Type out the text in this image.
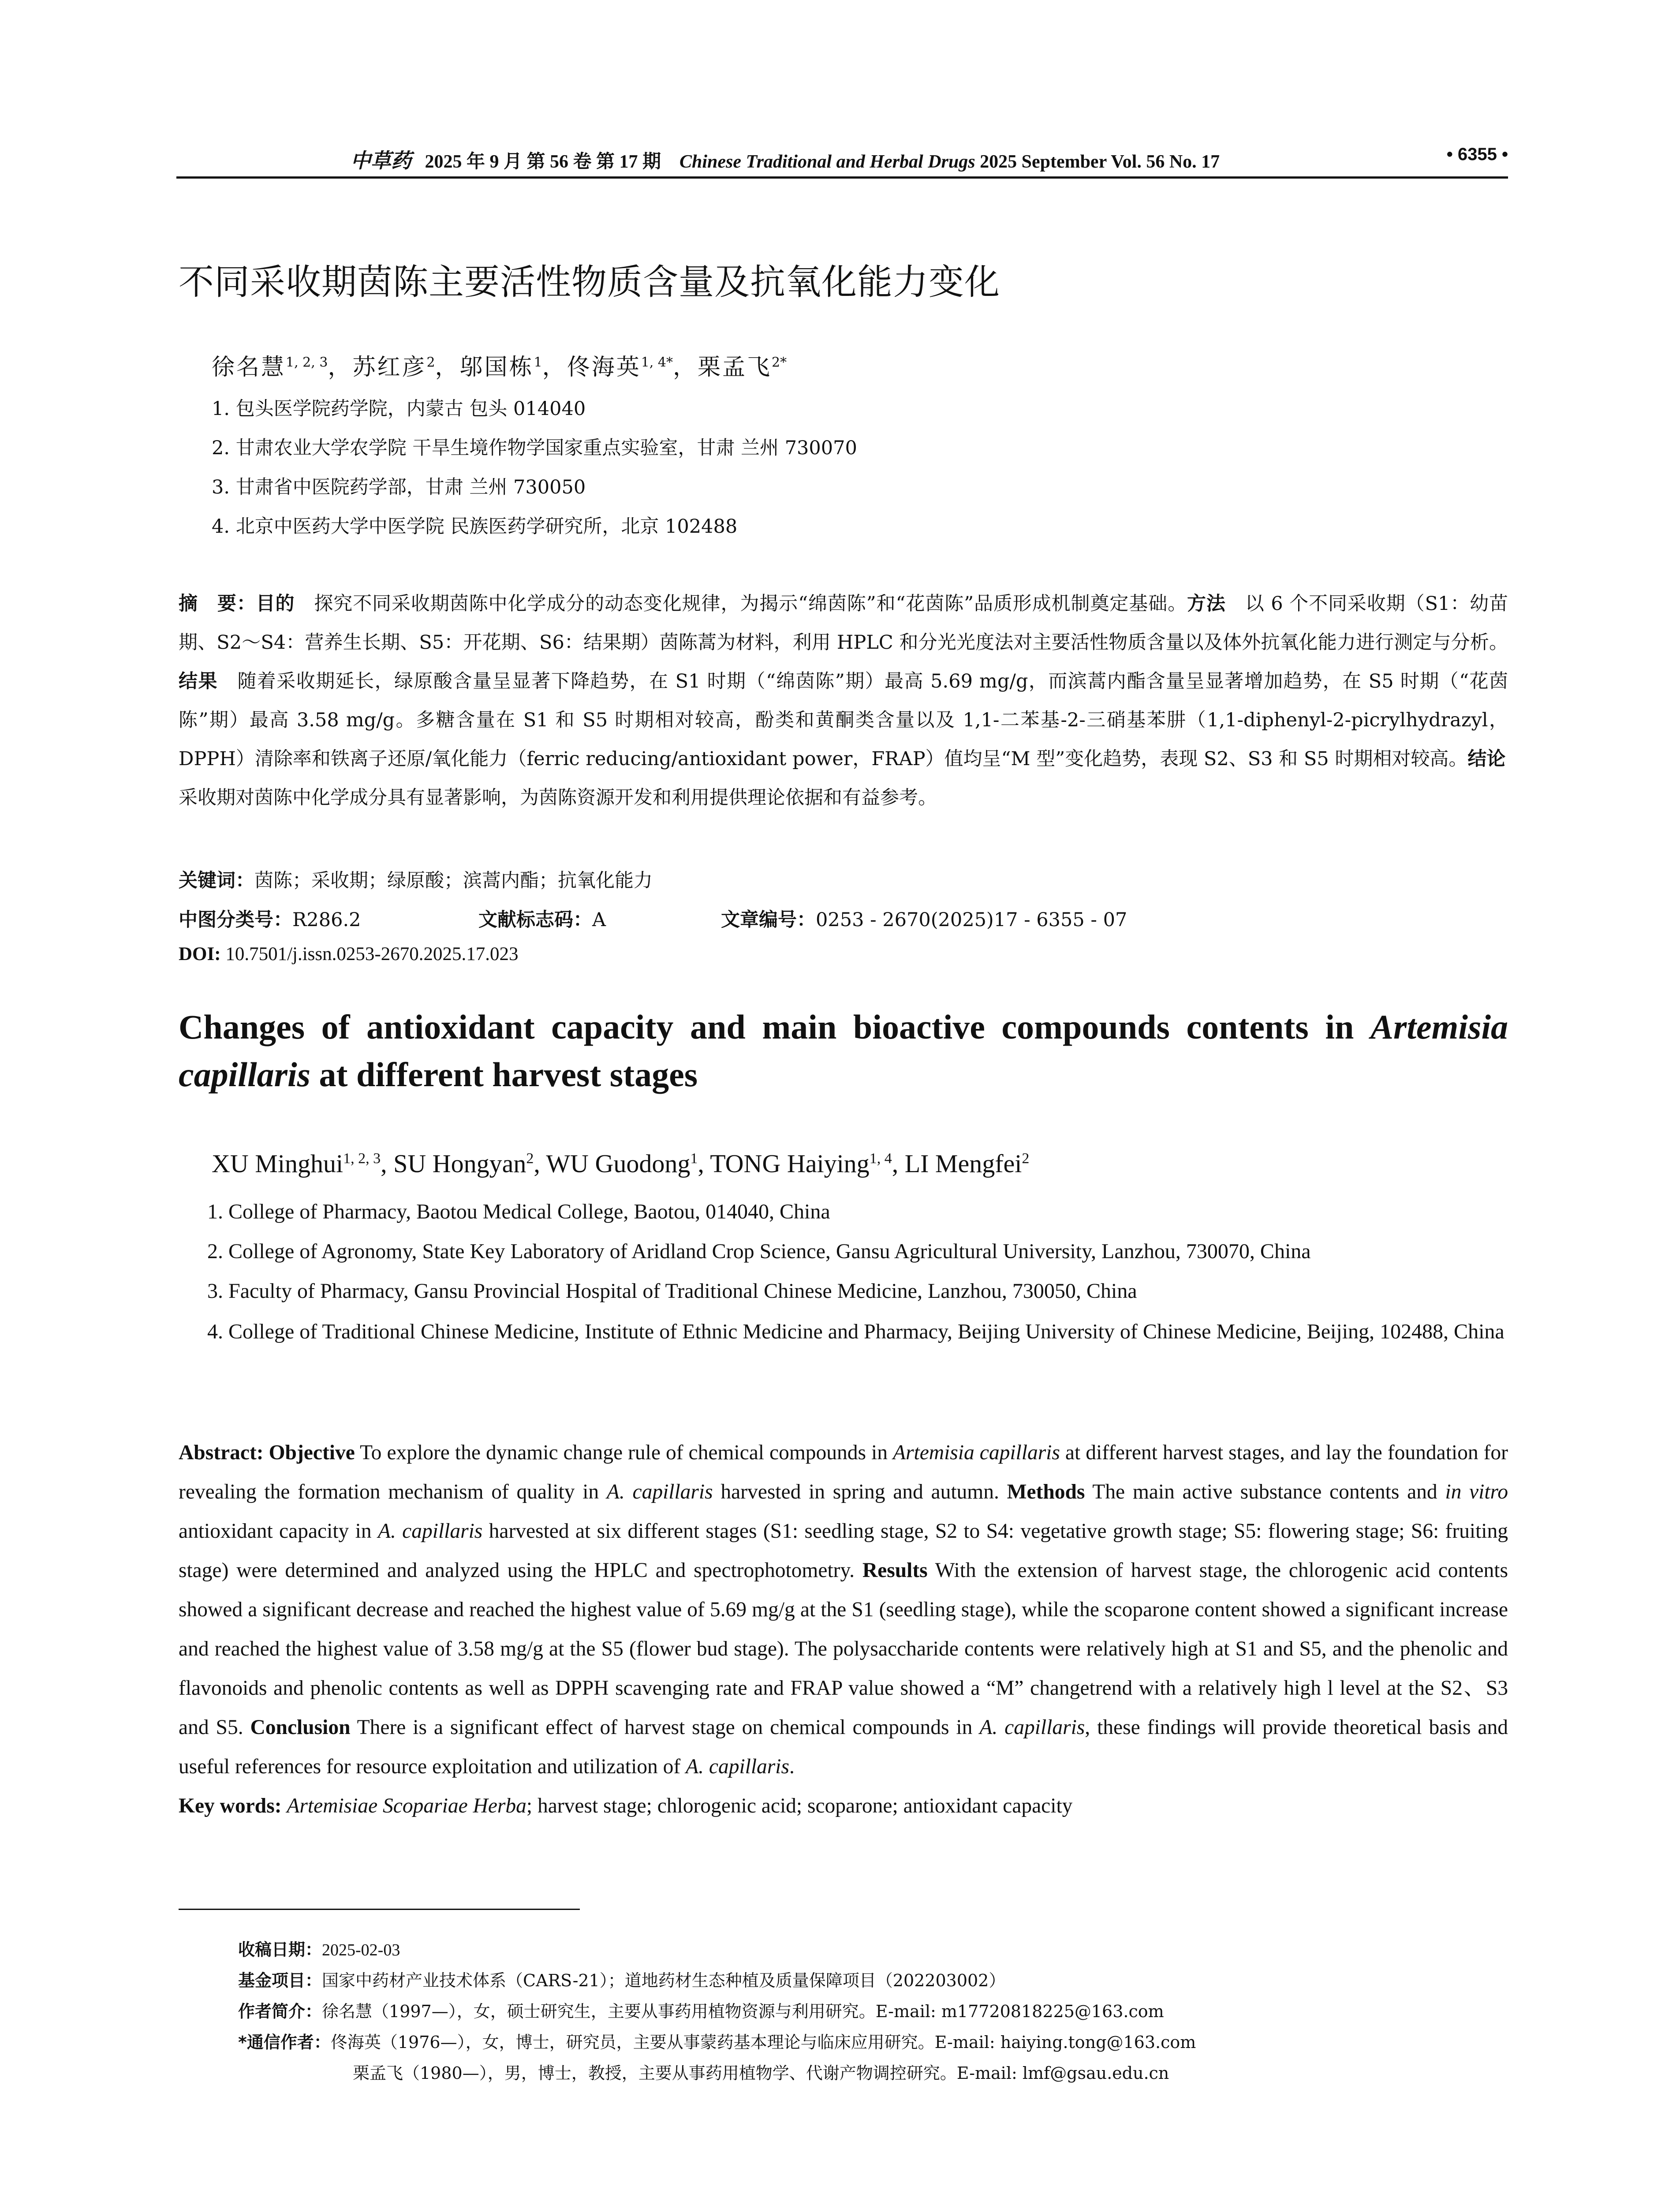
中草药 2025 年 9 月 第 56 卷 第 17 期 Chinese Traditional and Herbal Drugs 2025 September Vol. 56 No. 17	• 6355 •
不同采收期茵陈主要活性物质含量及抗氧化能力变化
徐名慧$^{1, 2, 3}$，苏红彦$^2$，邬国栋$^1$，佟海英$^{1, 4*}$，栗孟飞$^{2*}$
1. 包头医学院药学院，内蒙古 包头 014040
2. 甘肃农业大学农学院 干旱生境作物学国家重点实验室，甘肃 兰州 730070
3. 甘肃省中医院药学部，甘肃 兰州 730050
4. 北京中医药大学中医学院 民族医药学研究所，北京 102488
摘　要：目的　探究不同采收期茵陈中化学成分的动态变化规律，为揭示“绵茵陈”和“花茵陈”品质形成机制奠定基础。方法　以 6 个不同采收期（S1：幼苗期、S2～S4：营养生长期、S5：开花期、S6：结果期）茵陈蒿为材料，利用 HPLC 和分光光度法对主要活性物质含量以及体外抗氧化能力进行测定与分析。结果　随着采收期延长，绿原酸含量呈显著下降趋势，在 S1 时期（“绵茵陈”期）最高 5.69 mg/g，而滨蒿内酯含量呈显著增加趋势，在 S5 时期（“花茵陈”期）最高 3.58 mg/g。多糖含量在 S1 和 S5 时期相对较高，酚类和黄酮类含量以及 1,1-二苯基-2-三硝基苯肼（1,1-diphenyl-2-picrylhydrazyl，DPPH）清除率和铁离子还原/氧化能力（ferric reducing/antioxidant power，FRAP）值均呈“M 型”变化趋势，表现 S2、S3 和 S5 时期相对较高。结论　采收期对茵陈中化学成分具有显著影响，为茵陈资源开发和利用提供理论依据和有益参考。
关键词：茵陈；采收期；绿原酸；滨蒿内酯；抗氧化能力
中图分类号：R286.2	文献标志码：A	文章编号：0253 - 2670(2025)17 - 6355 - 07
DOI: 10.7501/j.issn.0253-2670.2025.17.023
Changes of antioxidant capacity and main bioactive compounds contents in Artemisia capillaris at different harvest stages
XU Minghui$^{1, 2, 3}$, SU Hongyan$^2$, WU Guodong$^1$, TONG Haiying$^{1, 4}$, LI Mengfei$^2$
1. College of Pharmacy, Baotou Medical College, Baotou, 014040, China
2. College of Agronomy, State Key Laboratory of Aridland Crop Science, Gansu Agricultural University, Lanzhou, 730070, China
3. Faculty of Pharmacy, Gansu Provincial Hospital of Traditional Chinese Medicine, Lanzhou, 730050, China
4. College of Traditional Chinese Medicine, Institute of Ethnic Medicine and Pharmacy, Beijing University of Chinese Medicine, Beijing, 102488, China
Abstract: Objective To explore the dynamic change rule of chemical compounds in Artemisia capillaris at different harvest stages, and lay the foundation for revealing the formation mechanism of quality in A. capillaris harvested in spring and autumn. Methods The main active substance contents and in vitro antioxidant capacity in A. capillaris harvested at six different stages (S1: seedling stage, S2 to S4: vegetative growth stage; S5: flowering stage; S6: fruiting stage) were determined and analyzed using the HPLC and spectrophotometry. Results With the extension of harvest stage, the chlorogenic acid contents showed a significant decrease and reached the highest value of 5.69 mg/g at the S1 (seedling stage), while the scoparone content showed a significant increase and reached the highest value of 3.58 mg/g at the S5 (flower bud stage). The polysaccharide contents were relatively high at S1 and S5, and the phenolic and flavonoids and phenolic contents as well as DPPH scavenging rate and FRAP value showed a “M” changetrend with a relatively high l level at the S2、S3 and S5. Conclusion There is a significant effect of harvest stage on chemical compounds in A. capillaris, these findings will provide theoretical basis and useful references for resource exploitation and utilization of A. capillaris.
Key words: Artemisiae Scopariae Herba; harvest stage; chlorogenic acid; scoparone; antioxidant capacity
收稿日期：2025-02-03
基金项目：国家中药材产业技术体系（CARS-21）；道地药材生态种植及质量保障项目（202203002）
作者简介：徐名慧（1997—），女，硕士研究生，主要从事药用植物资源与利用研究。E-mail: m17720818225@163.com
*通信作者：佟海英（1976—），女，博士，研究员，主要从事蒙药基本理论与临床应用研究。E-mail: haiying.tong@163.com
栗孟飞（1980—），男，博士，教授，主要从事药用植物学、代谢产物调控研究。E-mail: lmf@gsau.edu.cn
